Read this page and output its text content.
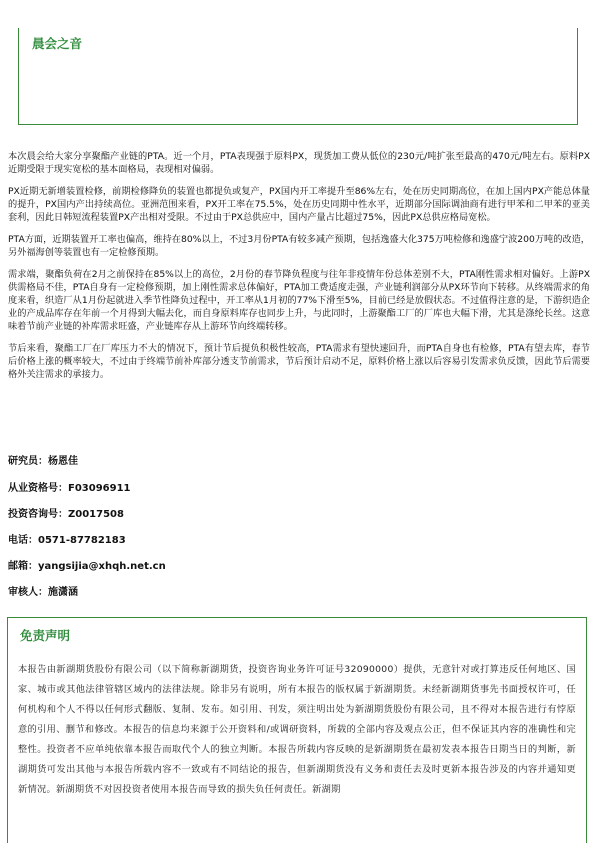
晨会之音

本次晨会给大家分享聚酯产业链的PTA。近一个月，PTA表现强于原料PX，现货加工费从低位的230元/吨扩张至最高的470元/吨左右。原料PX近期受限于现实宽松的基本面格局，表现相对偏弱。

PX近期无新增装置检修，前期检修降负的装置也都提负或复产，PX国内开工率提升至86%左右，处在历史同期高位，在加上国内PX产能总体量的提升，PX国内产出持续高位。亚洲范围来看，PX开工率在75.5%，处在历史同期中性水平，近期部分国际调油商有进行甲苯和二甲苯的亚美套利，因此日韩短流程装置PX产出相对受限。不过由于PX总供应中，国内产量占比超过75%，因此PX总供应格局宽松。

PTA方面，近期装置开工率也偏高，维持在80%以上，不过3月份PTA有较多减产预期，包括逸盛大化375万吨检修和逸盛宁波200万吨的改造，另外福海创等装置也有一定检修预期。

需求端，聚酯负荷在2月之前保持在85%以上的高位，2月份的春节降负程度与往年非疫情年份总体差别不大，PTA刚性需求相对偏好。上游PX供需格局不佳，PTA自身有一定检修预期，加上刚性需求总体偏好，PTA加工费适度走强，产业链利润部分从PX环节向下转移。从终端需求的角度来看，织造厂从1月份起就进入季节性降负过程中，开工率从1月初的77%下滑至5%，目前已经是放假状态。不过值得注意的是，下游织造企业的产成品库存在年前一个月得到大幅去化，而自身原料库存也同步上升，与此同时，上游聚酯工厂的厂库也大幅下滑，尤其是涤纶长丝。这意味着节前产业链的补库需求旺盛，产业链库存从上游环节向终端转移。

节后来看，聚酯工厂在厂库压力不大的情况下，预计节后提负积极性较高，PTA需求有望快速回升，而PTA自身也有检修，PTA有望去库，春节后价格上涨的概率较大，不过由于终端节前补库部分透支节前需求，节后预计启动不足，原料价格上涨以后容易引发需求负反馈，因此节后需要格外关注需求的承接力。

研究员：杨恩佳
从业资格号：F03096911
投资咨询号：Z0017508
电话：0571-87782183
邮箱：yangsijia@xhqh.net.cn
审核人：施潇涵
免责声明
本报告由新湖期货股份有限公司（以下简称新湖期货，投资咨询业务许可证号32090000）提供，无意针对或打算违反任何地区、国家、城市或其他法律管辖区域内的法律法规。除非另有说明，所有本报告的版权属于新湖期货。未经新湖期货事先书面授权许可，任何机构和个人不得以任何形式翻版、复制、发布。如引用、刊发，须注明出处为新湖期货股份有限公司，且不得对本报告进行有悖原意的引用、删节和修改。本报告的信息均来源于公开资料和/或调研资料，所载的全部内容及观点公正，但不保证其内容的准确性和完整性。投资者不应单纯依靠本报告而取代个人的独立判断。本报告所载内容反映的是新湖期货在最初发表本报告日期当日的判断，新湖期货可发出其他与本报告所载内容不一致或有不同结论的报告，但新湖期货没有义务和责任去及时更新本报告涉及的内容并通知更新情况。新湖期货不对因投资者使用本报告而导致的损失负任何责任。新湖期
